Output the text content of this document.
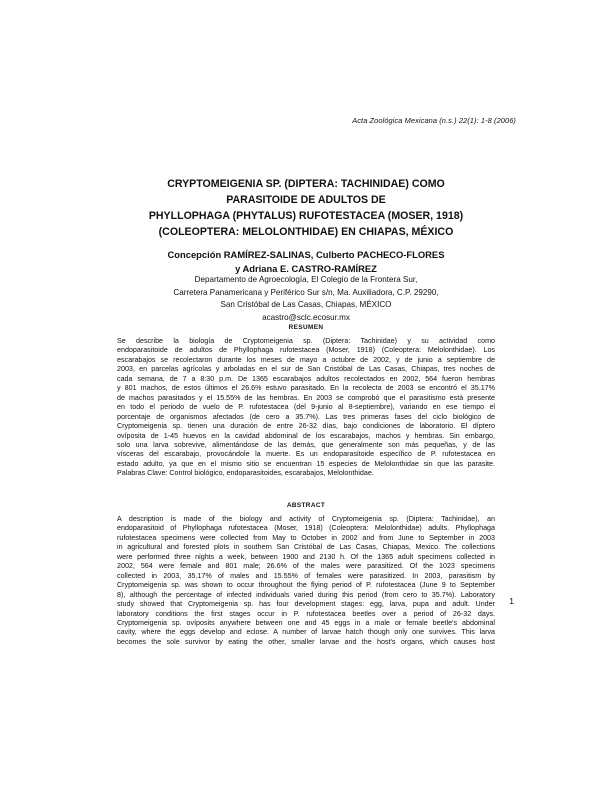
Acta Zoológica Mexicana (n.s.) 22(1): 1-8 (2006)
CRYPTOMEIGENIA SP. (DIPTERA: TACHINIDAE) COMO
PARASITOIDE DE ADULTOS DE
PHYLLOPHAGA (PHYTALUS) RUFOTESTACEA (MOSER, 1918)
(COLEOPTERA: MELOLONTHIDAE) EN CHIAPAS, MÉXICO
Concepción RAMÍREZ-SALINAS, Culberto PACHECO-FLORES
y Adriana E. CASTRO-RAMÍREZ
Departamento de Agroecología, El Colegio de la Frontera Sur,
Carretera Panamericana y Periférico Sur s/n, Ma. Auxiliadora, C.P. 29290,
San Cristóbal de Las Casas, Chiapas, MÉXICO
acastro@sclc.ecosur.mx
RESUMEN
Se describe la biología de Cryptomeigenia sp. (Diptera: Tachinidae) y su actividad como
endoparasitoide de adultos de Phyllophaga rufotestacea (Moser, 1918) (Coleoptera: Melolonthidae). Los
escarabajos se recolectaron durante los meses de mayo a octubre de 2002, y de junio a septiembre de
2003, en parcelas agrícolas y arboladas en el sur de San Cristóbal de Las Casas, Chiapas, tres noches de
cada semana, de 7 a 8:30 p.m. De 1365 escarabajos adultos recolectados en 2002, 564 fueron hembras
y 801 machos, de estos últimos el 26.6% estuvo parasitado. En la recolecta de 2003 se encontró el 35.17%
de machos parasitados y el 15.55% de las hembras. En 2003 se comprobó que el parasitismo está presente
en todo el periodo de vuelo de P. rufotestacea (del 9-junio al 8-septiembre), variando en ese tiempo el
porcentaje de organismos afectados (de cero a 35.7%). Las tres primeras fases del ciclo biológico de
Cryptomeigenia sp. tienen una duración de entre 26-32 días, bajo condiciones de laboratorio. El díptero
ovíposita de 1-45 huevos en la cavidad abdominal de los escarabajos, machos y hembras. Sin embargo,
solo una larva sobrevive, alimentándose de las demás, que generalmente son más pequeñas, y de las
vísceras del escarabajo, provocándole la muerte. Es un endoparasitoide específico de P. rufotestacea en
estado adulto, ya que en el mismo sitio se encuentran 15 especies de Melolonthidae sin que las parasite.
Palabras Clave: Control biológico, endoparasitoides, escarabajos, Melolonthidae.
ABSTRACT
A description is made of the biology and activity of Cryptomeigenia sp. (Diptera: Tachinidae), an
endoparasitoid of Phyllophaga rufotestacea (Moser, 1918) (Coleoptera: Melolonthidae) adults. Phyllophaga
rufotestacea specimens were collected from May to October in 2002 and from June to September in 2003
in agricultural and forested plots in southern San Cristóbal de Las Casas, Chiapas, Mexico. The collections
were performed three nights a week, between 1900 and 2130 h. Of the 1365 adult specimens collected in
2002, 564 were female and 801 male; 26.6% of the males were parasitized. Of the 1023 specimens
collected in 2003, 35.17% of males and 15.55% of females were parasitized. In 2003, parasitism by
Cryptomeigenia sp. was shown to occur throughout the flying period of P. rufotestacea (June 9 to September
8), although the percentage of infected individuals varied during this period (from cero to 35.7%). Laboratory
study showed that Cryptomeigenia sp. has four development stages: egg, larva, pupa and adult. Under
laboratory conditions the first stages occur in P. rufotestacea beetles over a period of 26-32 days.
Cryptomeigenia sp. ovíposits anywhere between one and 45 eggs in a male or female beetle's abdominal
cavity, where the eggs develop and eclose. A number of larvae hatch though only one survives. This larva
becomes the sole survivor by eating the other, smaller larvae and the host's organs, which causes host
1
